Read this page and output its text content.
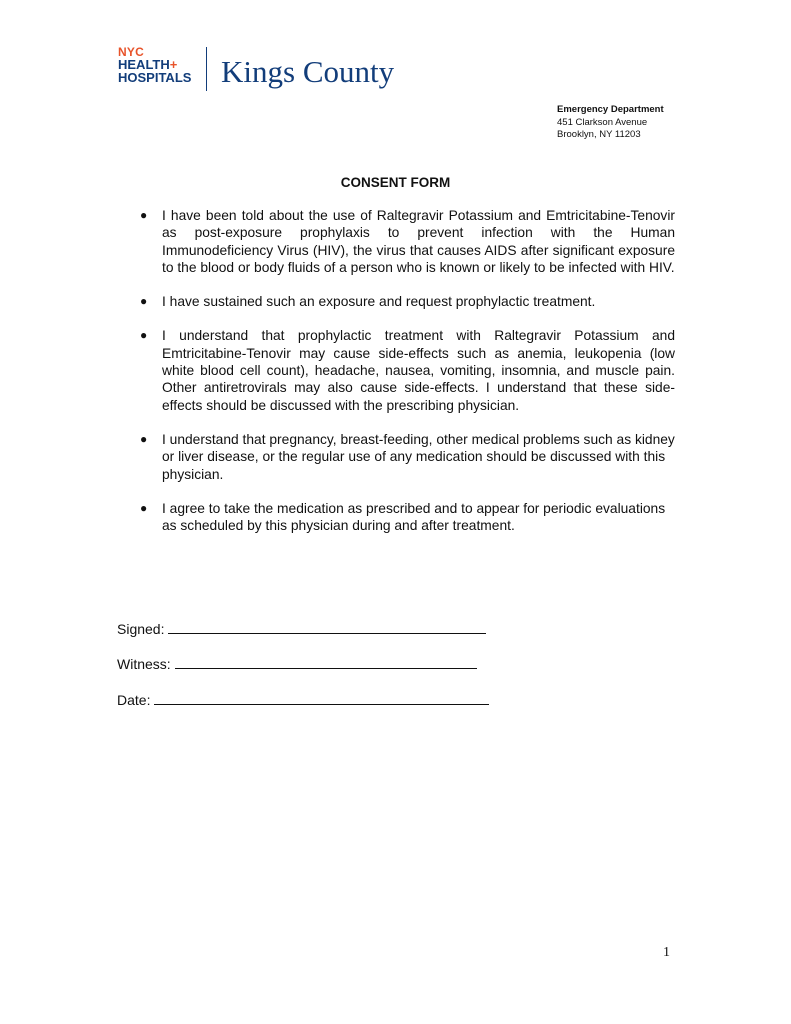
NYC
HEALTH+
HOSPITALS Kings County
Emergency Department
451 Clarkson Avenue
Brooklyn, NY 11203
CONSENT FORM
● I have been told about the use of Raltegravir Potassium and Emtricitabine-Tenovir as post-exposure prophylaxis to prevent infection with the Human Immunodeficiency Virus (HIV), the virus that causes AIDS after significant exposure to the blood or body fluids of a person who is known or likely to be infected with HIV.
● I have sustained such an exposure and request prophylactic treatment.
● I understand that prophylactic treatment with Raltegravir Potassium and Emtricitabine-Tenovir may cause side-effects such as anemia, leukopenia (low white blood cell count), headache, nausea, vomiting, insomnia, and muscle pain. Other antiretrovirals may also cause side-effects. I understand that these side-effects should be discussed with the prescribing physician.
● I understand that pregnancy, breast-feeding, other medical problems such as kidney or liver disease, or the regular use of any medication should be discussed with this physician.
● I agree to take the medication as prescribed and to appear for periodic evaluations as scheduled by this physician during and after treatment.
Signed:
Witness:
Date:
1
